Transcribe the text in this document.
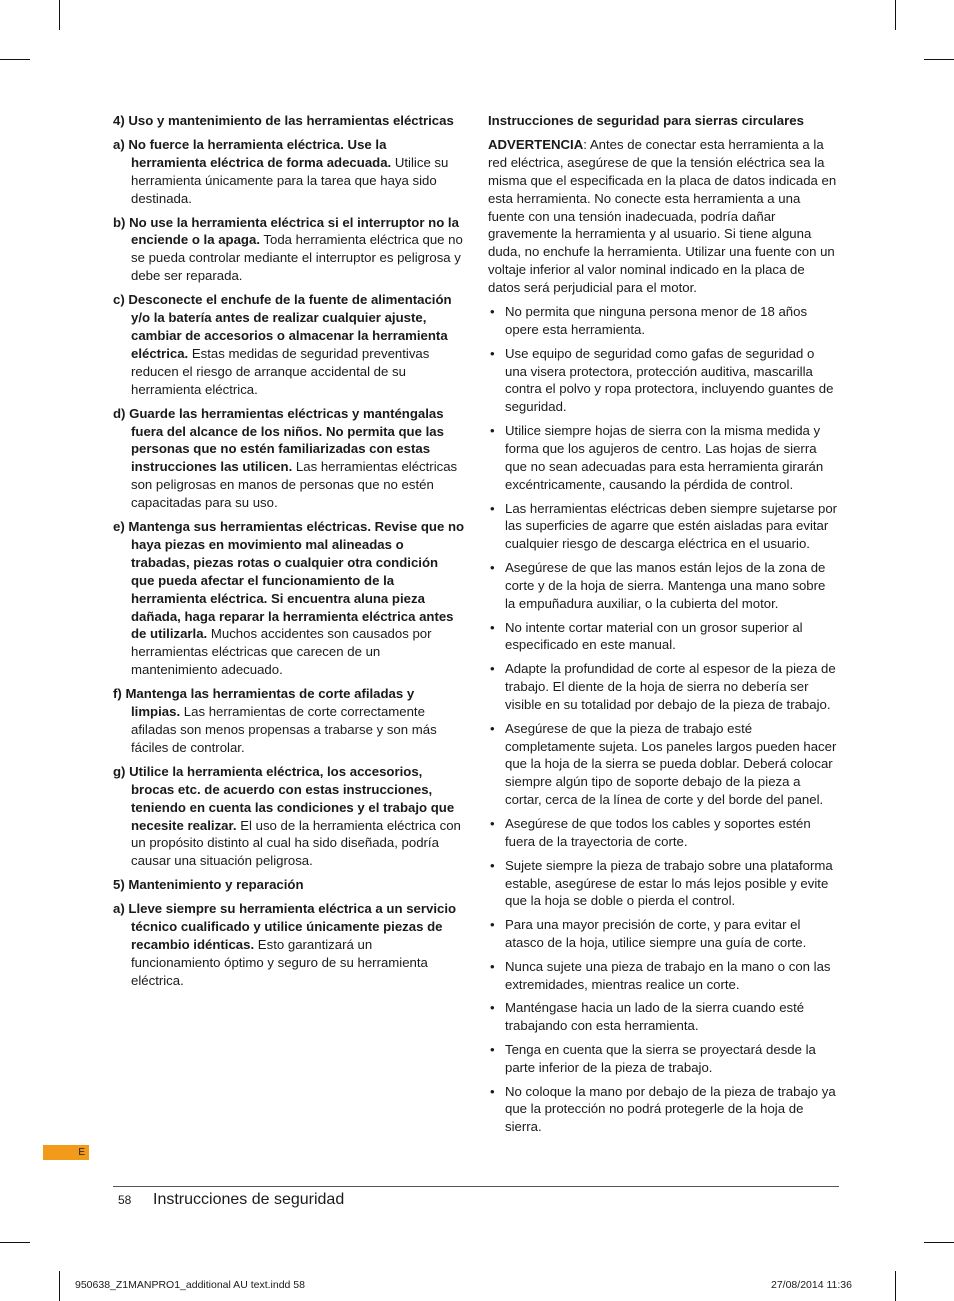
4) Uso y mantenimiento de las herramientas eléctricas
a) No fuerce la herramienta eléctrica. Use la herramienta eléctrica de forma adecuada. Utilice su herramienta únicamente para la tarea que haya sido destinada.
b) No use la herramienta eléctrica si el interruptor no la enciende o la apaga. Toda herramienta eléctrica que no se pueda controlar mediante el interruptor es peligrosa y debe ser reparada.
c) Desconecte el enchufe de la fuente de alimentación y/o la batería antes de realizar cualquier ajuste, cambiar de accesorios o almacenar la herramienta eléctrica. Estas medidas de seguridad preventivas reducen el riesgo de arranque accidental de su herramienta eléctrica.
d) Guarde las herramientas eléctricas y manténgalas fuera del alcance de los niños. No permita que las personas que no estén familiarizadas con estas instrucciones las utilicen. Las herramientas eléctricas son peligrosas en manos de personas que no estén capacitadas para su uso.
e) Mantenga sus herramientas eléctricas. Revise que no haya piezas en movimiento mal alineadas o trabadas, piezas rotas o cualquier otra condición que pueda afectar el funcionamiento de la herramienta eléctrica. Si encuentra aluna pieza dañada, haga reparar la herramienta eléctrica antes de utilizarla. Muchos accidentes son causados por herramientas eléctricas que carecen de un mantenimiento adecuado.
f) Mantenga las herramientas de corte afiladas y limpias. Las herramientas de corte correctamente afiladas son menos propensas a trabarse y son más fáciles de controlar.
g) Utilice la herramienta eléctrica, los accesorios, brocas etc. de acuerdo con estas instrucciones, teniendo en cuenta las condiciones y el trabajo que necesite realizar. El uso de la herramienta eléctrica con un propósito distinto al cual ha sido diseñada, podría causar una situación peligrosa.
5) Mantenimiento y reparación
a) Lleve siempre su herramienta eléctrica a un servicio técnico cualificado y utilice únicamente piezas de recambio idénticas. Esto garantizará un funcionamiento óptimo y seguro de su herramienta eléctrica.
Instrucciones de seguridad para sierras circulares
ADVERTENCIA: Antes de conectar esta herramienta a la red eléctrica, asegúrese de que la tensión eléctrica sea la misma que el especificada en la placa de datos indicada en esta herramienta. No conecte esta herramienta a una fuente con una tensión inadecuada, podría dañar gravemente la herramienta y al usuario. Si tiene alguna duda, no enchufe la herramienta. Utilizar una fuente con un voltaje inferior al valor nominal indicado en la placa de datos será perjudicial para el motor.
• No permita que ninguna persona menor de 18 años opere esta herramienta.
• Use equipo de seguridad como gafas de seguridad o una visera protectora, protección auditiva, mascarilla contra el polvo y ropa protectora, incluyendo guantes de seguridad.
• Utilice siempre hojas de sierra con la misma medida y forma que los agujeros de centro. Las hojas de sierra que no sean adecuadas para esta herramienta girarán excéntricamente, causando la pérdida de control.
• Las herramientas eléctricas deben siempre sujetarse por las superficies de agarre que estén aisladas para evitar cualquier riesgo de descarga eléctrica en el usuario.
• Asegúrese de que las manos están lejos de la zona de corte y de la hoja de sierra. Mantenga una mano sobre la empuñadura auxiliar, o la cubierta del motor.
• No intente cortar material con un grosor superior al especificado en este manual.
• Adapte la profundidad de corte al espesor de la pieza de trabajo. El diente de la hoja de sierra no debería ser visible en su totalidad por debajo de la pieza de trabajo.
• Asegúrese de que la pieza de trabajo esté completamente sujeta. Los paneles largos pueden hacer que la hoja de la sierra se pueda doblar. Deberá colocar siempre algún tipo de soporte debajo de la pieza a cortar, cerca de la línea de corte y del borde del panel.
• Asegúrese de que todos los cables y soportes estén fuera de la trayectoria de corte.
• Sujete siempre la pieza de trabajo sobre una plataforma estable, asegúrese de estar lo más lejos posible y evite que la hoja se doble o pierda el control.
• Para una mayor precisión de corte, y para evitar el atasco de la hoja, utilice siempre una guía de corte.
• Nunca sujete una pieza de trabajo en la mano o con las extremidades, mientras realice un corte.
• Manténgase hacia un lado de la sierra cuando esté trabajando con esta herramienta.
• Tenga en cuenta que la sierra se proyectará desde la parte inferior de la pieza de trabajo.
• No coloque la mano por debajo de la pieza de trabajo ya que la protección no podrá protegerle de la hoja de sierra.
E
58 Instrucciones de seguridad
950638_Z1MANPRO1_additional AU text.indd 58	27/08/2014 11:36
